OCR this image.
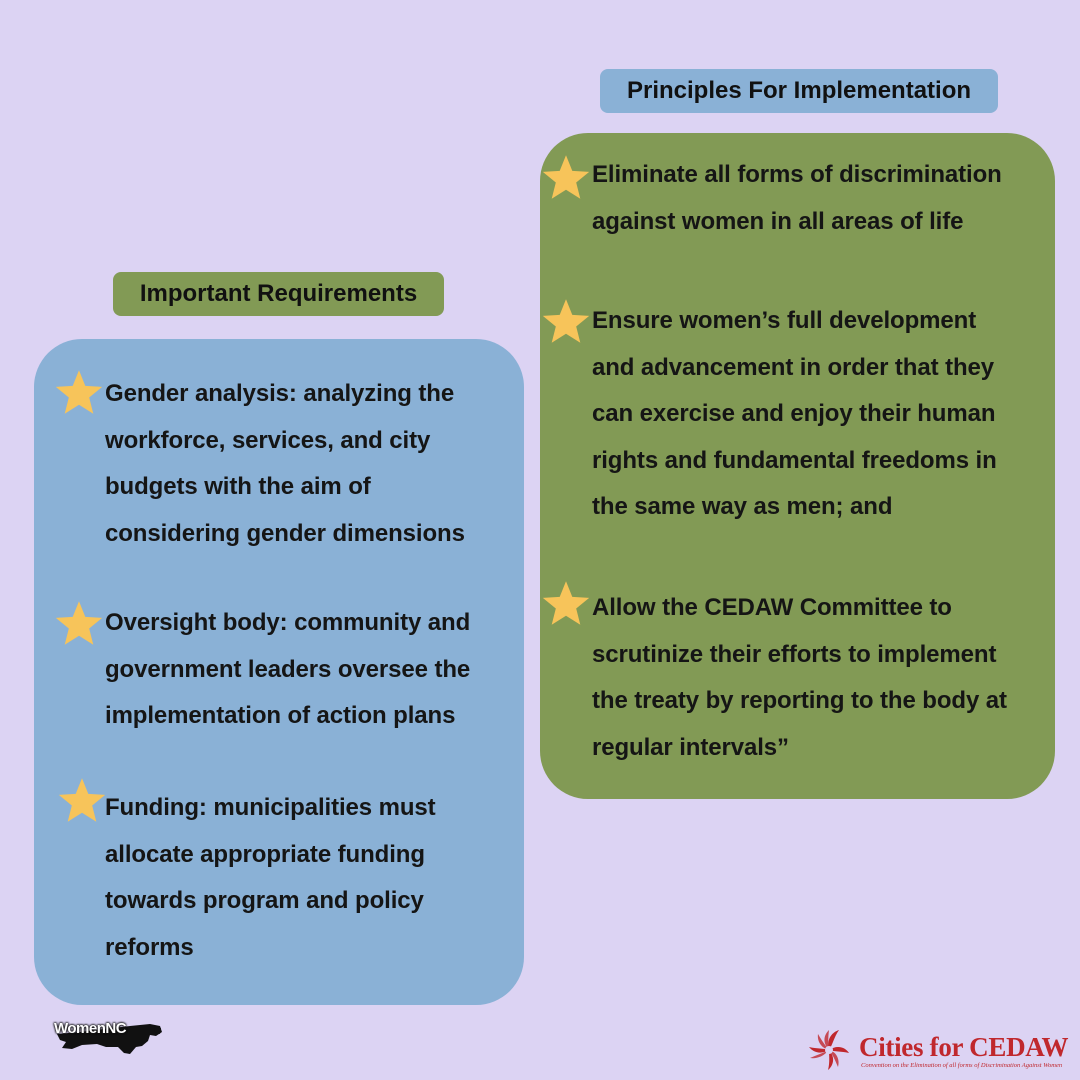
Principles For Implementation
Important Requirements
Eliminate all forms of discrimination
against women in all areas of life
Ensure women’s full development
and advancement in order that they
can exercise and enjoy their human
rights and fundamental freedoms in
the same way as men; and
Allow the CEDAW Committee to
scrutinize their efforts to implement
the treaty by reporting to the body at
regular intervals”
Gender analysis: analyzing the
workforce, services, and city
budgets with the aim of
considering gender dimensions
Oversight body: community and
government leaders oversee the
implementation of action plans
Funding: municipalities must
allocate appropriate funding
towards program and policy
reforms
WomenNC
Cities for CEDAW
Convention on the Elimination of all forms of Discrimination Against Women
